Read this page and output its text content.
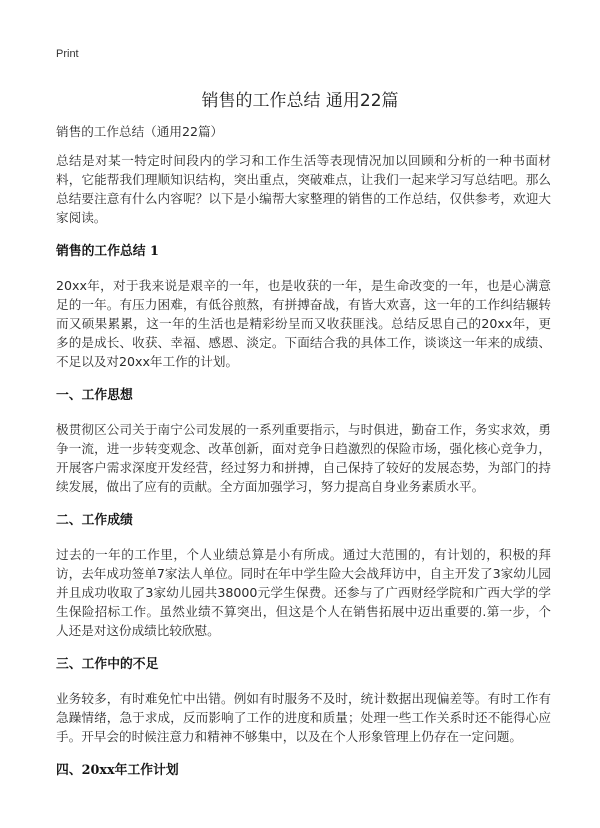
Print
销售的工作总结 通用22篇

销售的工作总结（通用22篇）

总结是对某一特定时间段内的学习和工作生活等表现情况加以回顾和分析的一种书面材料，它能帮我们理顺知识结构，突出重点，突破难点，让我们一起来学习写总结吧。那么总结要注意有什么内容呢？以下是小编帮大家整理的销售的工作总结，仅供参考，欢迎大家阅读。

销售的工作总结 1

20xx年，对于我来说是艰辛的一年，也是收获的一年，是生命改变的一年，也是心满意足的一年。有压力困难，有低谷煎熬，有拼搏奋战，有皆大欢喜，这一年的工作纠结辗转而又硕果累累，这一年的生活也是精彩纷呈而又收获匪浅。总结反思自己的20xx年，更多的是成长、收获、幸福、感恩、淡定。下面结合我的具体工作，谈谈这一年来的成绩、不足以及对20xx年工作的计划。

一、工作思想

极贯彻区公司关于南宁公司发展的一系列重要指示，与时俱进，勤奋工作，务实求效，勇争一流，进一步转变观念、改革创新，面对竞争日趋激烈的保险市场，强化核心竞争力，开展客户需求深度开发经营，经过努力和拼搏，自己保持了较好的发展态势，为部门的持续发展，做出了应有的贡献。全方面加强学习，努力提高自身业务素质水平。

二、工作成绩

过去的一年的工作里，个人业绩总算是小有所成。通过大范围的，有计划的，积极的拜访，去年成功签单7家法人单位。同时在年中学生险大会战拜访中，自主开发了3家幼儿园并且成功收取了3家幼儿园共38000元学生保费。还参与了广西财经学院和广西大学的学生保险招标工作。虽然业绩不算突出，但这是个人在销售拓展中迈出重要的.第一步，个人还是对这份成绩比较欣慰。

三、工作中的不足

业务较多，有时难免忙中出错。例如有时服务不及时，统计数据出现偏差等。有时工作有急躁情绪，急于求成，反而影响了工作的进度和质量；处理一些工作关系时还不能得心应手。开早会的时候注意力和精神不够集中，以及在个人形象管理上仍存在一定问题。

四、20xx年工作计划
